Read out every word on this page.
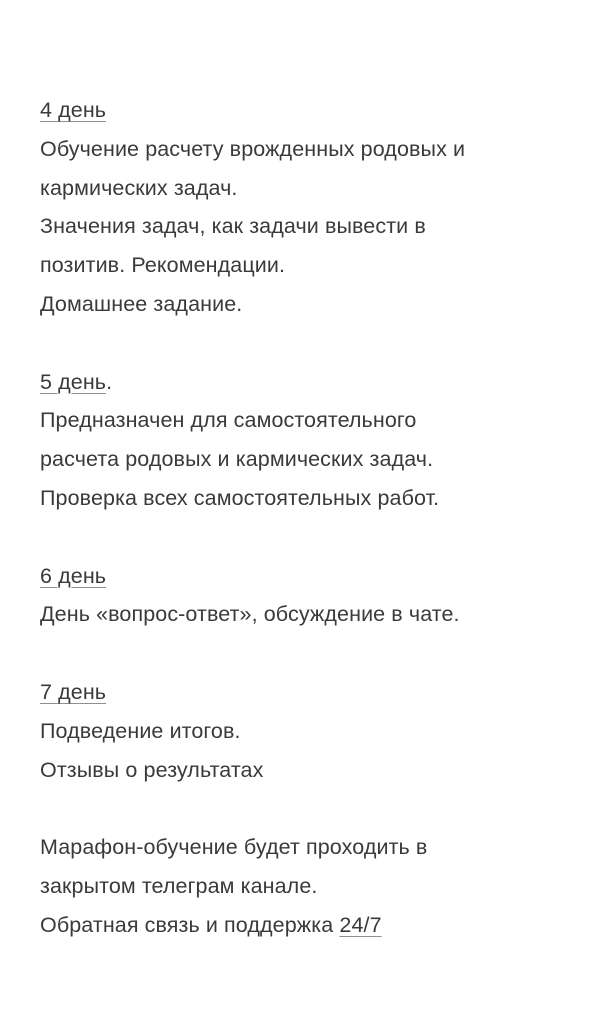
4 день
Обучение расчету врожденных родовых и
кармических задач.
Значения задач, как задачи вывести в
позитив. Рекомендации.
Домашнее задание.
5 день.
Предназначен для самостоятельного
расчета родовых и кармических задач.
Проверка всех самостоятельных работ.
6 день
День «вопрос-ответ», обсуждение в чате.
7 день
Подведение итогов.
Отзывы о результатах
Марафон-обучение будет проходить в
закрытом телеграм канале.
Обратная связь и поддержка 24/7
